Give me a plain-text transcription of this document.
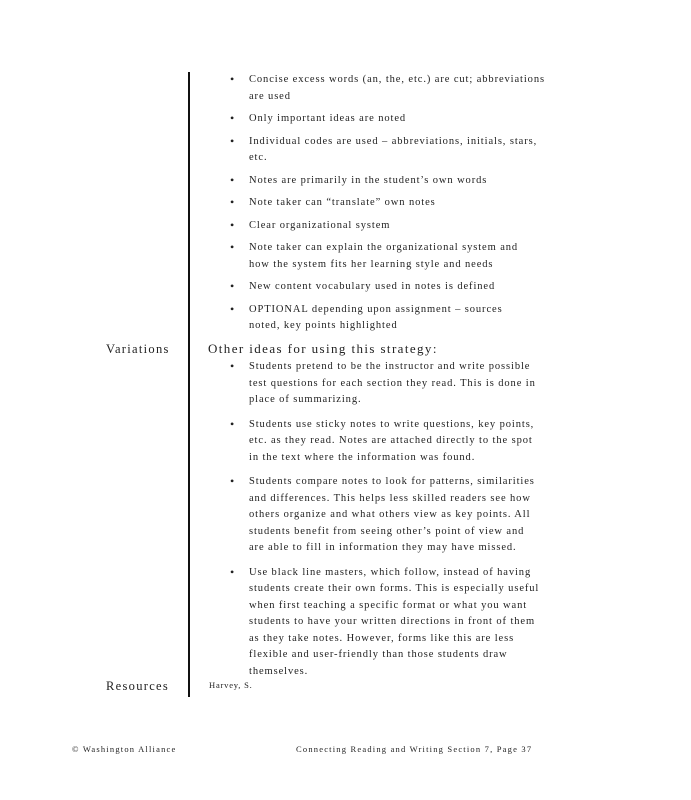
• Concise excess words (an, the, etc.) are cut; abbreviations
are used
• Only important ideas are noted
• Individual codes are used – abbreviations, initials, stars,
etc.
• Notes are primarily in the student’s own words
• Note taker can “translate” own notes
• Clear organizational system
• Note taker can explain the organizational system and
how the system fits her learning style and needs
• New content vocabulary used in notes is defined
• OPTIONAL depending upon assignment – sources
noted, key points highlighted
Variations	Other ideas for using this strategy:
• Students pretend to be the instructor and write possible
test questions for each section they read. This is done in
place of summarizing.
• Students use sticky notes to write questions, key points,
etc. as they read. Notes are attached directly to the spot
in the text where the information was found.
• Students compare notes to look for patterns, similarities
and differences. This helps less skilled readers see how
others organize and what others view as key points. All
students benefit from seeing other’s point of view and
are able to fill in information they may have missed.
• Use black line masters, which follow, instead of having
students create their own forms. This is especially useful
when first teaching a specific format or what you want
students to have your written directions in front of them
as they take notes. However, forms like this are less
flexible and user-friendly than those students draw
themselves.
Resources	Harvey, S.
© Washington Alliance	Connecting Reading and Writing Section 7, Page 37
